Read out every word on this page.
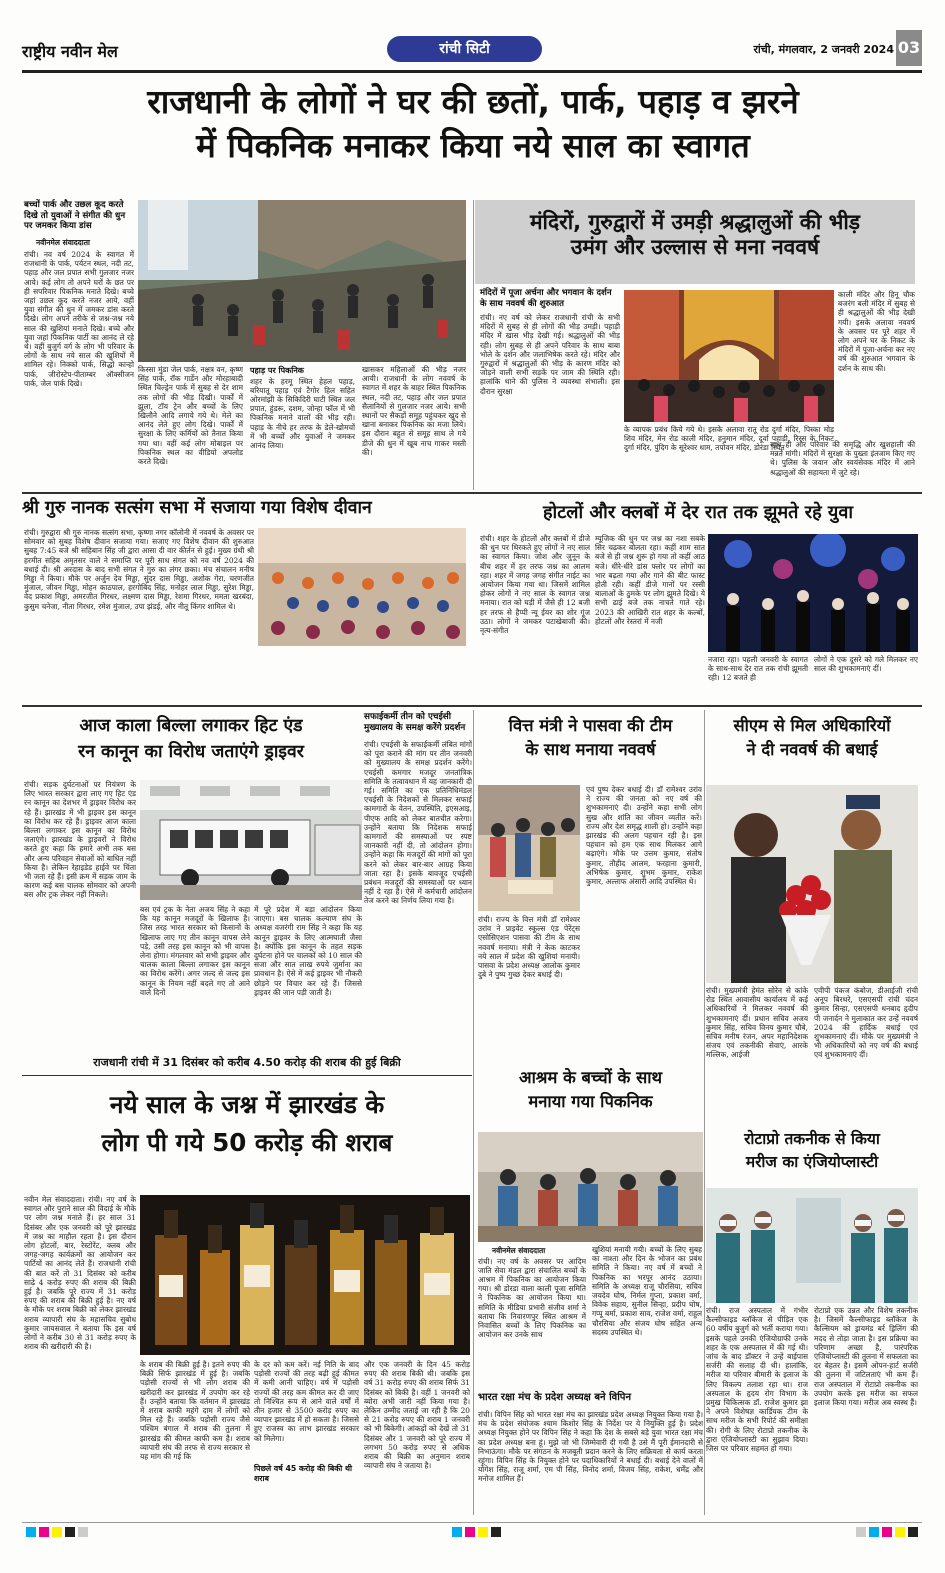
राष्ट्रीय नवीन मेल	रांची सिटी	रांची, मंगलवार, 2 जनवरी 2024 03
राजधानी के लोगों ने घर की छतों, पार्क, पहाड़ व झरने
में पिकनिक मनाकर किया नये साल का स्वागत
बच्चों पार्क और उछल कूद करते दिखे तो युवाओं ने संगीत की धुन पर जमकर किया डांस
नवीनमेल संवाददाता
रांची। नव वर्ष 2024 के स्वागत में राजधानी के पार्क, पर्यटन स्थल, नदी तट, पहाड़ और जल प्रपात सभी गुलजार नजर आये। कई लोग तो अपने घरों के छत पर ही सपरिवार पिकनिक मनाते दिखे। बच्चे जहां उछल कूद करते नजर आये, वहीं युवा संगीत की धुन में जमकर डांस करते दिखे। लोग अपने तरीके से जश्न-जश्न नये साल की खुशियां मनाते दिखे। बच्चे और युवा जहां पिकनिक पार्टी का आनंद ले रहे थे। वहीं बुजुर्ग वर्ग के लोग भी परिवार के लोगों के साथ नये साल की खुशियों में शामिल रहे। निक्को पार्क, सिद्धो कान्हो पार्क, जीरोस्टेप-पीताम्बर ऑक्सीजन पार्क, जेल पार्क दिखे।
किस्सा मुंडा जेल पार्क, नक्षत्र वन, कृष्ण सिंह पार्क, रॉक गार्डेन और मोरहाबादी स्थित चिल्ड्रेन पार्क में सुबह से देर शाम तक लोगों की भीड़ दिखी। पार्कों में झूला, टॉय ट्रेन और बच्चों के लिए खिलौने आदि लगाये गये थे। मेले का आनंद लेते हुए लोग दिखे। पार्कों में सुरक्षा के लिए कर्मियों को तैनात किया गया था। वहीं कई लोग मोबाइल पर पिकनिक स्थल का वीडियो अपलोड करते दिखे।
पहाड़ पर पिकनिक
शहर के हरमू स्थित हेहल पहाड़, बरियातू पहाड़ एवं टैगोर हिल सहित ओरमांझी के सिकिदिरी घाटी स्थित जल प्रपात, हुंडरू, दशम, जोन्हा फॉल में भी पिकनिक मनाने वालों की भीड़ रही। पहाड़ के नीचे हर तरफ के डेले-खोमचों में भी बच्चों और युवाओं ने जमकर आनंद लिया।
खासकर महिलाओं की भीड़ नजर आयी। राजधानी के लोग नववर्ष के स्वागत में शहर के बाहर स्थित पिकनिक स्थल, नदी तट, पहाड़ और जल प्रपात सैलानियों से गुलजार नजर आये। सभी स्थानों पर सैकड़ों समूह पहुंचकर खुद से खाना बनाकर पिकनिक का मजा लिये। इस दौरान बहुत से समूह साथ ले गये डीजे की धुन में खूब नाच गाकर मस्ती की।
मंदिरों, गुरुद्वारों में उमड़ी श्रद्धालुओं की भीड़
उमंग और उल्लास से मना नववर्ष
मंदिरों में पूजा अर्चना और भगवान के दर्शन के साथ नववर्ष की शुरुआत
रांची। नए वर्ष को लेकर राजधानी रांची के सभी मंदिरों में सुबह से ही लोगों की भीड़ उमड़ी। पहाड़ी मंदिर में खास भीड़ देखी गई। श्रद्धालुओं की भीड़ रही। लोग सुबह से ही अपने परिवार के साथ बाबा भोले के दर्शन और जलाभिषेक करते रहे। मंदिर और गुरुद्वारों में श्रद्धालुओं की भीड़ के कारण मंदिर को जोड़ने वाली सभी सड़कें पर जाम की स्थिति रही। हालांकि थाने की पुलिस ने व्यवस्था संभाली। इस दौरान सुरक्षा
काली मंदिर और हिनू चौक बजरंग बली मंदिर में सुबह से ही श्रद्धालुओं की भीड़ देखी गयी। इसके अलावा नववर्ष के अवसर पर पूरे शहर में लोग अपने घर के निकट के मंदिरों में पूजा-अर्चना कर नए वर्ष की शुरुआत भगवान के दर्शन के साथ की।
के व्यापक प्रबंध किये गये थे। इसके अलावा रातू रोड दुर्गा मंदिर, पिस्का मोड़ शिव मंदिर, मेन रोड काली मंदिर, हनुमान मंदिर, दूर्वा पहाड़ी, रिस्स के निकट दुर्गा मंदिर, पुंदिग के सूरेश्वर धाम, तपोवन मंदिर, डोरंडा स्थित
साथ ही और परिवार की समृद्धि और खुशहाली की मन्नतें मांगी। मंदिरों में सुरक्षा के पुख्ता इंतजाम किए गए थे। पुलिस के जवान और स्वयंसेवक मंदिर में आने श्रद्धालुओं की सहायता में जुटे रहे।
श्री गुरु नानक सत्संग सभा में सजाया गया विशेष दीवान
रांची। गुरुद्वारा श्री गुरु नानक सत्संग सभा, कृष्णा नगर कॉलोनी में नववर्ष के अवसर पर सोमवार को सुबह विशेष दीवान सजाया गया। सजाए गए विशेष दीवान की शुरुआत सुबह 7:45 बजे श्री सहिबान सिंह जी द्वारा आसा दी वार कीर्तन से हुई। मुख्य ग्रंथी श्री हरमीत सहिब अमृतसर वाले ने समाप्ति पर पूरी साध संगत को नव वर्ष 2024 की बधाई दी। श्री अरदास के बाद सभी संगत ने गुरु का लंगर छका। मंच संचालन मनीष मिड्ढा ने किया। मौके पर अर्जुन देव मिड्ढा, सुंदर दास मिड्ढा, अशोक गेरा, चरणजीत मुंजाल, जीवन मिड्ढा, मोहन काठपाल, हरगोबिंद सिंह, मनोहर लाल मिड्ढा, सुरेश मिड्ढा, वेद प्रकाश मिड्ढा, अमरजीत गिरधर, लक्ष्मण दास मिड्ढा, रेशमा गिरधर, ममता खरबंदा, कुसुम चनेजा, नीता गिरधर, रमेश मुंजाल, उपा झंडई, और नीतू किंगर शामिल थे।
होटलों और क्लबों में देर रात तक झूमते रहे युवा
रांची। शहर के होटलों और क्लबों में डीजे की धुन पर थिरकते हुए लोगों ने नए साल का स्वागत किया। जोश और जुनून के बीच शहर में हर तरफ जश्न का आलम रहा। शहर में जगह जगह संगीत नाईट का आयोजन किया गया था। जिसमें शामिल होकर लोगों ने नए साल के स्वागत जश्न मनाया। रात को घड़ी में जैसे ही 12 बजी हर तरफ से हैप्पी न्यू ईयर का शोर गूंज उठा। लोगों ने जमकर पटाखेबाजी की। नृत्य-संगीत
म्यूजिक की धुन पर जश्न का नशा सबके सिर चढ़कर बोलता रहा। कहीं शाम सात बजे से ही जश्न शुरू हो गया तो कहीं आठ बजे। धीरे-धीरे डांस फ्लोर पर लोगों का भार बढ़ता गया और गाने की बीट फास्ट होती रही। कहीं डीजे गानों पर रस्सी बालाओं के ठुमके पर लोग झूमते दिखे। ये सभी ढाई बजे तक नाचते गाते रहे। 2023 की आखिरी रात शहर के कल्बों, होटलों और रेस्तरां में नजी
नजारा रहा। पहली जनवरी के स्वागत के साथ-साथ देर रात तक रांची झूमती रही। 12 बजते ही
लोगों ने एक दूसरे को गले मिलकर नए साल की शुभकामनाएं दीं।
आज काला बिल्ला लगाकर हिट एंड
रन कानून का विरोध जताएंगे ड्राइवर
रांची। सड़क दुर्घटनाओं पर नियंत्रण के लिए भारत सरकार द्वारा लाए गए हिट एंड रन कानून का देशभर में ड्राइवर विरोध कर रहे हैं। झारखंड में भी ड्राइवर इस कानून का विरोध कर रहे हैं। ड्राइवर आज काला बिल्ला लगाकर इस कानून का विरोध जताएंगे। झारखंड के ड्राइवरों ने विरोध करते हुए कहा कि हमारे अभी तक बस और अन्य परिवहन सेवाओं को बाधित नहीं किया है। लेकिन रेहाइडेड हाईवे पर चिंता भी जता रहे हैं। इसी क्रम में सड़क जाम के कारण कई बस चालक सोमवार को अपनी बस और ट्रक लेकर नहीं निकले।
बस एवं ट्रक के नेता अजय सिंह ने कहा कि यह कानून मजदूरों के खिलाफ है। जिस तरह भारत सरकार को किसानों के खिलाफ लाए गए तीन कानून वापस लेने पड़े, उसी तरह इस कानून को भी वापस लेना होगा। मंगलवार को सभी ड्राइवर और चालक काला बिल्ला लगाकर इस कानून का विरोध करेंगे। अगर जल्द से जल्द इस कानून के नियम नहीं बदले गए तो आने वाले दिनों
में पूरे प्रदेश में बड़ा आंदोलन किया जाएगा। बस चालक कल्याण संघ के अध्यक्ष वजरंगी राम सिंह ने कहा कि यह कानून ड्राइवर के लिए आत्मघाती जैसा है। क्योंकि इस कानून के तहत सड़क दुर्घटना होने पर चालकों को 10 साल की सजा और सात लाख रुपये जुर्माना का प्रावधान है। ऐसे में कई ड्राइवर भी नौकरी छोड़ने पर विचार कर रहे हैं। जिससे ड्राइवर की जान पड़ी जाती है।
सफाईकर्मी तीन को एचईसी मुख्यालय के समक्ष करेंगे प्रदर्शन
रांची। एचईसी के सफाईकर्मी लंबित मांगों को पूरा कराने की मांग पर तीन जनवरी को मुख्यालय के समक्ष प्रदर्शन करेंगे। एचईसी कमगार मजदूर जनतांत्रिक समिति के तत्वावधान में यह जानकारी दी गई। समिति का एक प्रतिनिधिमंडल एचईसी के निदेशकों से मिलकर सफाई कामगारों के वेतन, उपस्थिति, इएसआइ, पीएफ आदि को लेकर बातचीत करेगा। उन्होंने बताया कि निदेशक सफाई कामगारों की समस्याओं पर स्पष्ट जानकारी नहीं दी, तो आंदोलन होगा। उन्होंने कहा कि मजदूरों की मांगों को पूरा करने को लेकर बार-बार आग्रह किया जाता रहा है। इसके बावजूद एचईसी प्रबंधन मजदूरों की समस्याओं पर ध्यान नहीं दे रहा है। ऐसे में कर्मचारी आंदोलन तेज करने का निर्णय लिया गया है।
वित्त मंत्री ने पासवा की टीम
के साथ मनाया नववर्ष
रांची। राज्य के वित्त मंत्री डॉ रामेश्वर उरांव ने प्राइवेट स्कूल्स एंड पेरेंट्स एसोसिएशन पासवा की टीम के साथ नववर्ष मनाया। मंत्री ने केक काटकर नये साल में प्रदेश की खुशियां मनायी। पासवा के प्रदेश अध्यक्ष आलोक कुमार दुबे ने पुष्प गुच्छ देकर बधाई दी।
एवं पुष्प देकर बधाई दी। डॉ रामेश्वर उरांव ने राज्य की जनता को नए वर्ष की शुभकामनाएं दी। उन्होंने कहा सभी लोग सुख और शांति का जीवन व्यतीत करें। राज्य और देश समृद्ध शाली हो। उन्होंने कहा झारखंड की अलग पहचान रही है। इस पहचान को हम एक साथ मिलकर आगे बढ़ाएंगे। मौके पर उत्तम कुमार, संतोष कुमार, तौहीद आलम, फरहाना कुमारी, अभिषेक कुमार, शुभम कुमार, राकेश कुमार, अल्ताफ अंसारी आदि उपस्थित थे।
सीएम से मिल अधिकारियों
ने दी नववर्ष की बधाई
रांची। मुख्यमंत्री हेमंत सोरेन से कांके रोड स्थित आवासीय कार्यालय में कई अधिकारियों ने मिलकर नववर्ष की शुभकामनाएं दीं। प्रधान सचिव अजय कुमार सिंह, सचिव विनय कुमार चौबे, सचिव मनीष रंजन, अपर महानिदेशक संजय एवं तकनीकी सेवाएं, आरके मल्लिक, आईजी
एवीपी पंकज कंबोज, डीआईजी रांची अनूप बिरथरे, एसएसपी रांची चंदन कुमार सिन्हा, एसएसपी धनबाद हृदीप पी जनार्दन ने मुलाकात कर उन्हें नववर्ष 2024 की हार्दिक बधाई एवं शुभकामनाएं दीं। मौके पर मुख्यमंत्री ने भी अधिकारियों को नए वर्ष की बधाई एवं शुभकामनाएं दीं।
राजधानी रांची में 31 दिसंबर को करीब 4.50 करोड़ की शराब की हुई बिक्री
नये साल के जश्न में झारखंड के
लोग पी गये 50 करोड़ की शराब
नवीन मेल संवाददाता। रांची। नए वर्ष के स्वागत और पुराने साल की विदाई के मौके पर लोग जश्न मनाते हैं। हर साल 31 दिसंबर और एक जनवरी को पूरे झारखंड में जश्न का माहौल रहता है। इस दौरान लोग होटलों, बार, रेस्टोरेंट, क्लब और जगह-जगह कार्यक्रमों का आयोजन कर पार्टियों का आनंद लेते हैं। राजधानी रांची की बात करें तो 31 दिसंबर को करीब साढ़े 4 करोड़ रुपए की शराब की बिक्री हुई है। जबकि पूरे राज्य में 31 करोड़ रुपए की शराब की बिक्री हुई है। नए वर्ष के मौके पर शराब बिक्री को लेकर झारखंड शराब व्यापारी संघ के महासचिव सुबोध कुमार जायसवाल ने बताया कि इस वर्ष लोगों ने करीब 30 से 31 करोड़ रुपए के शराब की खरीदारी की है।
के शराब की बिक्री हुई है। इतने रुपए की बिक्री सिर्फ झारखंड में हुई है। जबकि पड़ोसी राज्यों से भी लोग शराब की खरीदारी कर झारखंड में उपयोग कर रहे हैं। उन्होंने बताया कि वर्तमान में झारखंड में शराब काफी महंगे दाम में लोगों को मिल रहे हैं। जबकि पड़ोसी राज्य जैसे पश्चिम बंगाल में शराब की तुलना में झारखंड की कीमत काफी कम है। शराब व्यापारी संघ की तरफ से राज्य सरकार से यह मांग की गई कि
के दर को कम करें। नई निति के बाद पड़ोसी राज्यों की तरह बढ़ी हुई कीमत में कमी आनी चाहिए। वर्ष में पड़ोसी राज्यों की तरह कम कीमत कर दी जाए तो निश्चित रूप से आने वाले वर्षों में तीन हजार से 3500 करोड़ रुपए का व्यापार झारखंड में हो सकता है। जिससे हुए राजस्व का लाभ झारखंड सरकार को मिलेगा।
पिछले वर्ष 45 करोड़ की बिकी थी शराब
और एक जनवरी के दिन 45 करोड़ रुपए की शराब बिकी थी। जबकि इस वर्ष 31 करोड़ रुपए की शराब सिर्फ 31 दिसंबर को बिकी है। वहीं 1 जनवरी को ब्योरा अभी जारी नहीं किया गया है। लेकिन उम्मीद जताई जा रही है कि 20 से 21 करोड़ रुपए की शराब 1 जनवरी को भी बिकेगी। आंकड़ों को देखें तो 31 दिसंबर और 1 जनवरी को पूरे राज्य में लगभग 50 करोड़ रुपए से अधिक शराब की बिक्री का अनुमान शराब व्यापारी संघ ने जताया है।
आश्रम के बच्चों के साथ
मनाया गया पिकनिक
नवीनमेल संवाददाता
रांची। नए वर्ष के अवसर पर आदिम जाति सेवा मंडल द्वारा संचालित बच्चों के आश्रम में पिकनिक का आयोजन किया गया। श्री डोरडा वाला काली पूजा समिति ने पिकनिक का आयोजन किया था। समिति के मीडिया प्रभारी संजीव शर्मा ने बताया कि निवारणपुर स्थित आश्रम में निवासित बच्चों के लिए पिकनिक का आयोजन कर उनके साथ
खुशियां मनायी गयी। बच्चों के लिए सुबह का नाश्ता और दिन के भोजन का प्रबंध समिति ने किया। नए वर्ष में बच्चों ने पिकनिक का भरपूर आनंद उठाया। समिति के अध्यक्ष राजू चौरसिया, सचिव जयदेव घोष, निर्मल गुप्ता, प्रकाश वर्मा, विवेक सहाय, सुनील सिन्हा, प्रदीप घोष, गप्पू बर्मा, प्रकाश साव, राजेश वर्मा, राहुल चौरसिया और संजय घोष सहित अन्य सदस्य उपस्थित थे।
भारत रक्षा मंच के प्रदेश अध्यक्ष बने विपिन
रांची। विपिन सिंह को भारत रक्षा मंच का झारखंड प्रदेश अध्यक्ष नियुक्त किया गया है। मंच के प्रदेश संयोजक श्याम किशोर सिंह के निर्देश पर ये नियुक्ति हुई है। प्रदेश अध्यक्ष नियुक्त होने पर विपिन सिंह ने कहा कि देश के सबसे बड़े युवा भारत रक्षा मंच का प्रदेश अध्यक्ष बना हूं। मुझे जो भी जिम्मेवारी दी गयी है उसे मैं पूरी ईमानदारी से निभाऊंगा। मौके पर संगठन के मजबूती प्रदान करने के लिए सक्रियता से कार्य करता रहूंगा। विपिन सिंह के नियुक्त होने पर पदाधिकारियों ने बधाई दी। बधाई देने वालों में योगेश सिंह, राजू शर्मा, एम पी सिंह, विनोद शर्मा, विजय सिंह, राकेश, धर्मेंद्र और मनोज शामिल हैं।
रोटाप्रो तकनीक से किया
मरीज का एंजियोप्लास्टी
रांची। राज अस्पताल में गंभीर कैल्सीफाइड ब्लॉकेज से पीड़ित एक 60 वर्षीय बुजुर्ग को भर्ती कराया गया। इसके पहले उनकी एंजियोग्राफी उनके शहर के एक अस्पताल में की गई थी। जांच के बाद डॉक्टर ने उन्हें बाईपास सर्जरी की सलाह दी थी। हालांकि, मरीज या परिवार बीमारी के इलाज के लिए विकल्प तलाश रहा था। राज अस्पताल के हृदय रोग विभाग के प्रमुख चिकित्सक डॉ. राजेश कुमार झा ने अपने विशेषज्ञ कार्डियक टीम के साथ मरीज के सभी रिपोर्ट की समीक्षा की। रोगी के लिए रोटाप्रो तकनीक के द्वारा एंजियोप्लास्टी का सुझाव दिया। जिस पर परिवार सहमत हो गया।
रोटाप्रो एक उन्नत और विशेष तकनीक है। जिसमें कैल्सीफाइड ब्लॉकेज के कैल्सियम को ड्रायमंड बर्र ड्रिलिंग की मदद से तोड़ा जाता है। इस प्रक्रिया का परिणाम अच्छा है, पारंपरिक एंजियोप्लास्टी की तुलना में सफलता का दर बेहतर है। इसमें ओपन-हार्ट सर्जरी की तुलना में जटिलताएं भी कम हैं। राज अस्पताल में रोटाप्रो तकनीक का उपयोग करके इस मरीज का सफल इलाज किया गया। मरीज अब स्वस्थ हैं।
